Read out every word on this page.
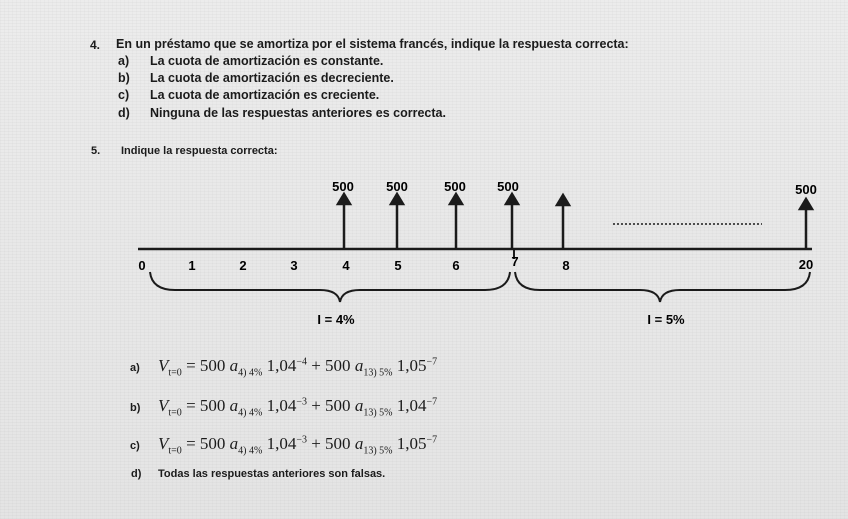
4. En un préstamo que se amortiza por el sistema francés, indique la respuesta correcta:
a) La cuota de amortización es constante.
b) La cuota de amortización es decreciente.
c) La cuota de amortización es creciente.
d) Ninguna de las respuestas anteriores es correcta.
5. Indique la respuesta correcta:
0	1	2	3	4	5	6	7	8	20
500 500	500 500	500
I = 4%	I = 5%
a) $V_{t=0} = 500$ $a_{4) 4\%}$ $1,04^{-4} + 500$ $a_{13) 5\%}$ $1,05^{-7}$
b) $V_{t=0} = 500$ $a_{4) 4\%}$ $1,04^{-3} + 500$ $a_{13) 5\%}$ $1,04^{-7}$
c) $V_{t=0} = 500$ $a_{4) 4\%}$ $1,04^{-3} + 500$ $a_{13) 5\%}$ $1,05^{-7}$
d) Todas las respuestas anteriores son falsas.
